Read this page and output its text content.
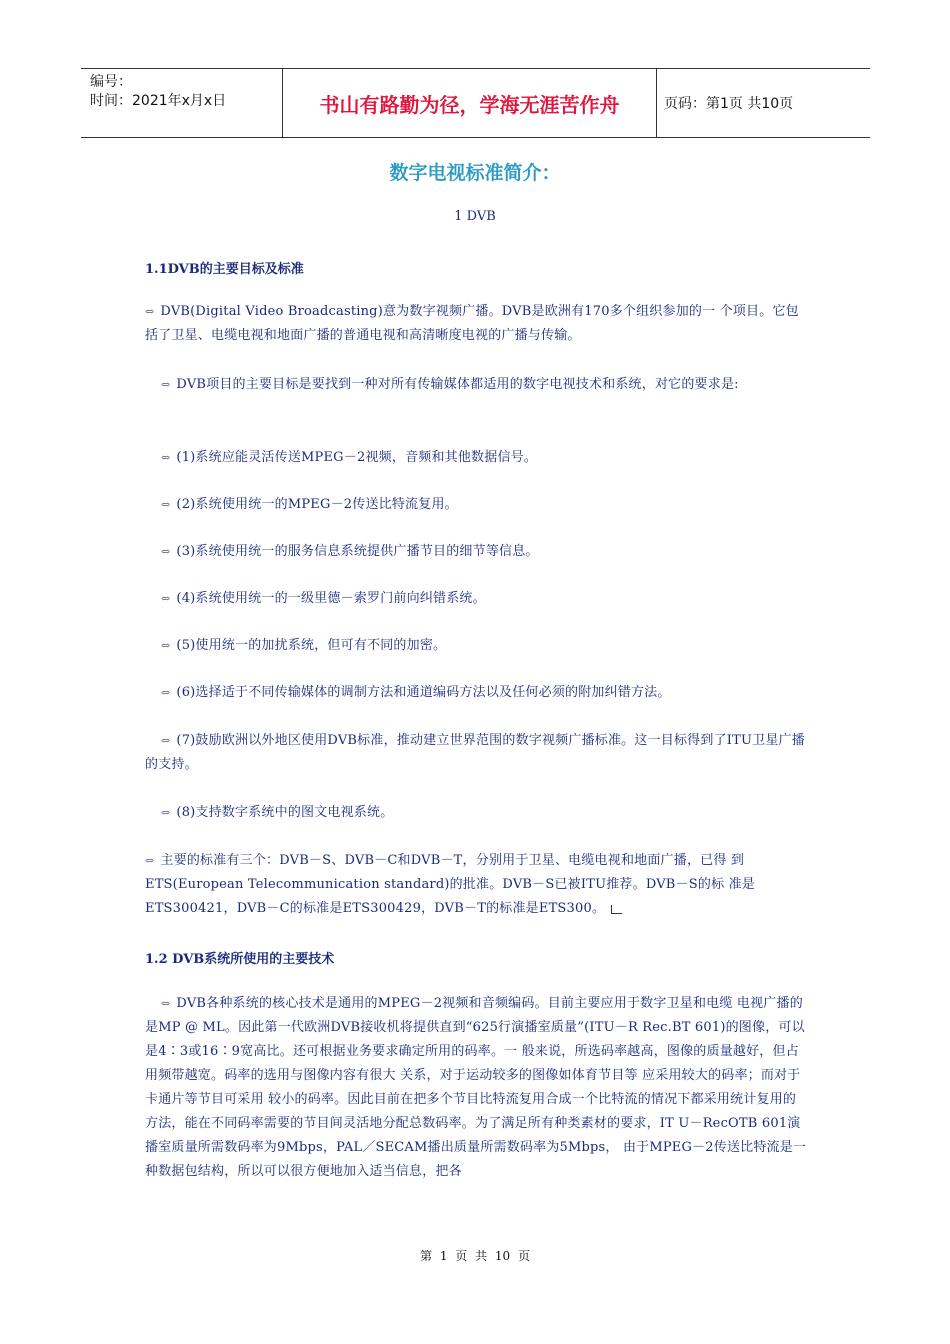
编号：
时间：2021年x月x日	书山有路勤为径，学海无涯苦作舟	页码：第1页 共10页
数字电视标准简介：
1 DVB
1.1DVB的主要目标及标准
⇔ DVB(Digital Video Broadcasting)意为数字视频广播。DVB是欧洲有170多个组织参加的一 个项目。它包括了卫星、电缆电视和地面广播的普通电视和高清晰度电视的广播与传输。
⇔ DVB项目的主要目标是要找到一种对所有传输媒体都适用的数字电视技术和系统，对它的要求是:
⇔ (1)系统应能灵活传送MPEG－2视频，音频和其他数据信号。
⇔ (2)系统使用统一的MPEG－2传送比特流复用。
⇔ (3)系统使用统一的服务信息系统提供广播节目的细节等信息。
⇔ (4)系统使用统一的一级里德－索罗门前向纠错系统。
⇔ (5)使用统一的加扰系统，但可有不同的加密。
⇔ (6)选择适于不同传输媒体的调制方法和通道编码方法以及任何必须的附加纠错方法。
⇔ (7)鼓励欧洲以外地区使用DVB标准，推动建立世界范围的数字视频广播标准。这一目标得到了ITU卫星广播的支持。
⇔ (8)支持数字系统中的图文电视系统。
⇔ 主要的标准有三个：DVB－S、DVB－C和DVB－T，分别用于卫星、电缆电视和地面广播，已得 到ETS(European Telecommunication standard)的批准。DVB－S已被ITU推荐。DVB－S的标 准是ETS300421，DVB－C的标准是ETS300429，DVB－T的标准是ETS300。
1.2 DVB系统所使用的主要技术
⇔ DVB各种系统的核心技术是通用的MPEG－2视频和音频编码。目前主要应用于数字卫星和电缆 电视广播的是MP @ ML。因此第一代欧洲DVB接收机将提供直到“625行演播室质量”(ITU－R Rec.BT 601)的图像，可以是4∶3或16∶9宽高比。还可根据业务要求确定所用的码率。一 般来说，所选码率越高，图像的质量越好，但占用频带越宽。码率的选用与图像内容有很大 关系，对于运动较多的图像如体育节目等 应采用较大的码率；而对于卡通片等节目可采用 较小的码率。因此目前在把多个节目比特流复用合成一个比特流的情况下都采用统计复用的 方法，能在不同码率需要的节目间灵活地分配总数码率。为了满足所有种类素材的要求，IT U－RecOTB 601演播室质量所需数码率为9Mbps，PAL／SECAM播出质量所需数码率为5Mbps， 由于MPEG－2传送比特流是一种数据包结构，所以可以很方便地加入适当信息，把各
第 1 页 共 10 页
